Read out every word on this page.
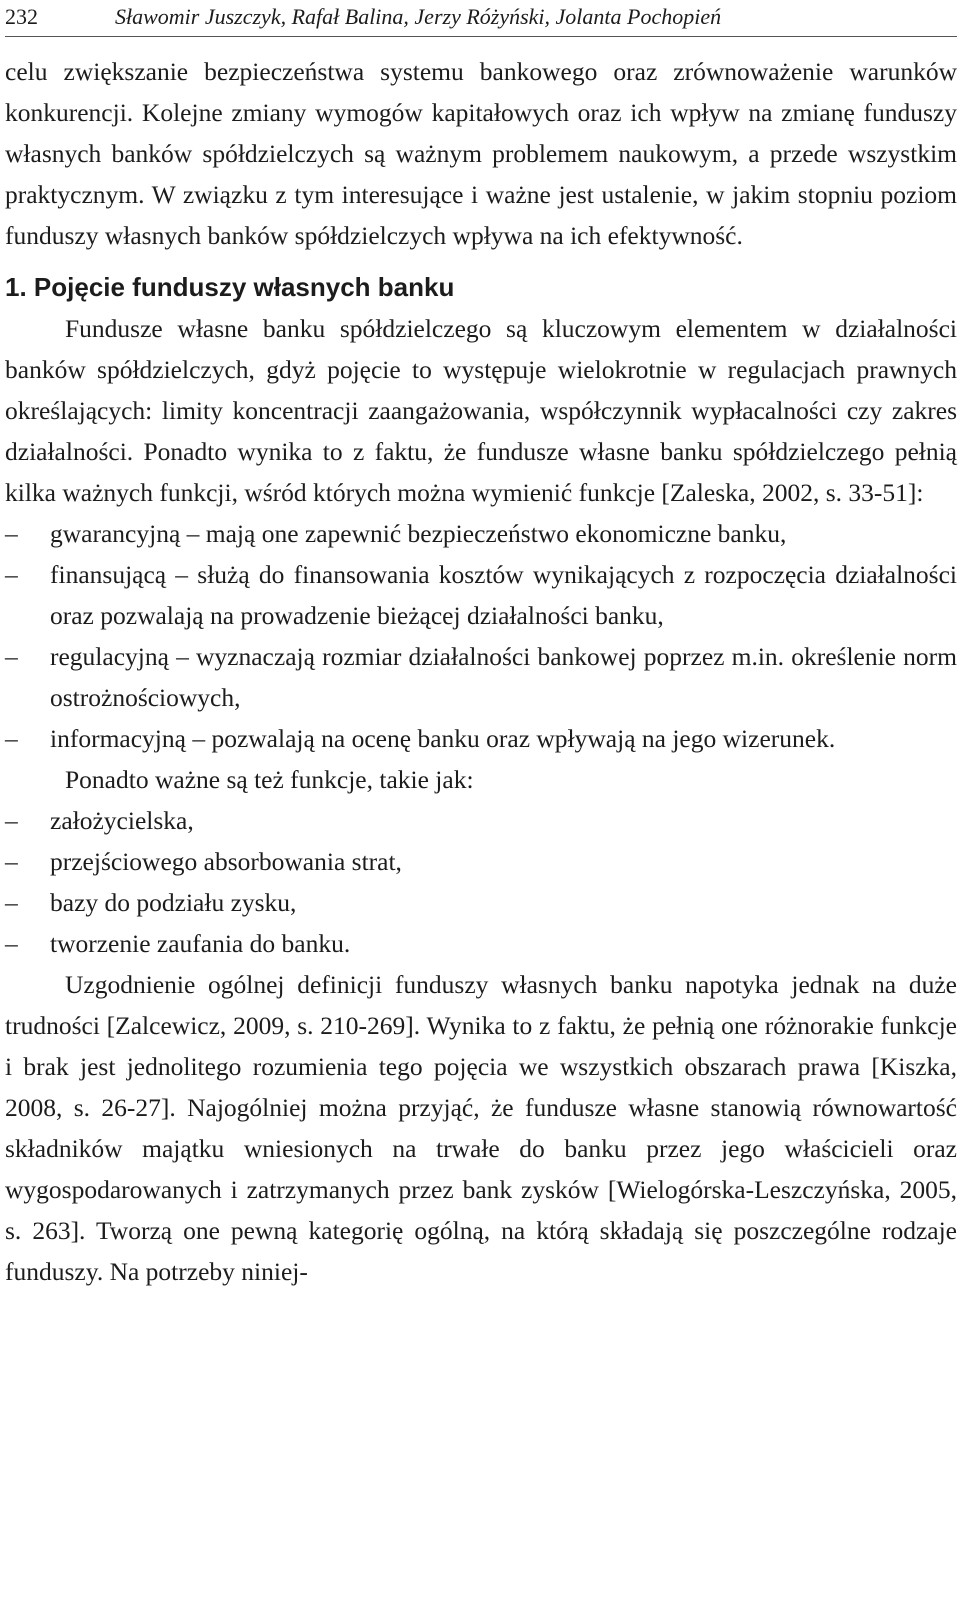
232	Sławomir Juszczyk, Rafał Balina, Jerzy Różyński, Jolanta Pochopień

celu zwiększanie bezpieczeństwa systemu bankowego oraz zrównoważenie warunków konkurencji. Kolejne zmiany wymogów kapitałowych oraz ich wpływ na zmianę funduszy własnych banków spółdzielczych są ważnym problemem naukowym, a przede wszystkim praktycznym. W związku z tym interesujące i ważne jest ustalenie, w jakim stopniu poziom funduszy własnych banków spółdzielczych wpływa na ich efektywność.

1. Pojęcie funduszy własnych banku

Fundusze własne banku spółdzielczego są kluczowym elementem w działalności banków spółdzielczych, gdyż pojęcie to występuje wielokrotnie w regulacjach prawnych określających: limity koncentracji zaangażowania, współczynnik wypłacalności czy zakres działalności. Ponadto wynika to z faktu, że fundusze własne banku spółdzielczego pełnią kilka ważnych funkcji, wśród których można wymienić funkcje [Zaleska, 2002, s. 33-51]:

– gwarancyjną – mają one zapewnić bezpieczeństwo ekonomiczne banku,
– finansującą – służą do finansowania kosztów wynikających z rozpoczęcia działalności oraz pozwalają na prowadzenie bieżącej działalności banku,
– regulacyjną – wyznaczają rozmiar działalności bankowej poprzez m.in. określenie norm ostrożnościowych,
– informacyjną – pozwalają na ocenę banku oraz wpływają na jego wizerunek.

Ponadto ważne są też funkcje, takie jak:

– założycielska,
– przejściowego absorbowania strat,
– bazy do podziału zysku,
– tworzenie zaufania do banku.

Uzgodnienie ogólnej definicji funduszy własnych banku napotyka jednak na duże trudności [Zalcewicz, 2009, s. 210-269]. Wynika to z faktu, że pełnią one różnorakie funkcje i brak jest jednolitego rozumienia tego pojęcia we wszystkich obszarach prawa [Kiszka, 2008, s. 26-27]. Najogólniej można przyjąć, że fundusze własne stanowią równowartość składników majątku wniesionych na trwałe do banku przez jego właścicieli oraz wygospodarowanych i zatrzymanych przez bank zysków [Wielogórska-Leszczyńska, 2005, s. 263]. Tworzą one pewną kategorię ogólną, na którą składają się poszczególne rodzaje funduszy. Na potrzeby niniej-
